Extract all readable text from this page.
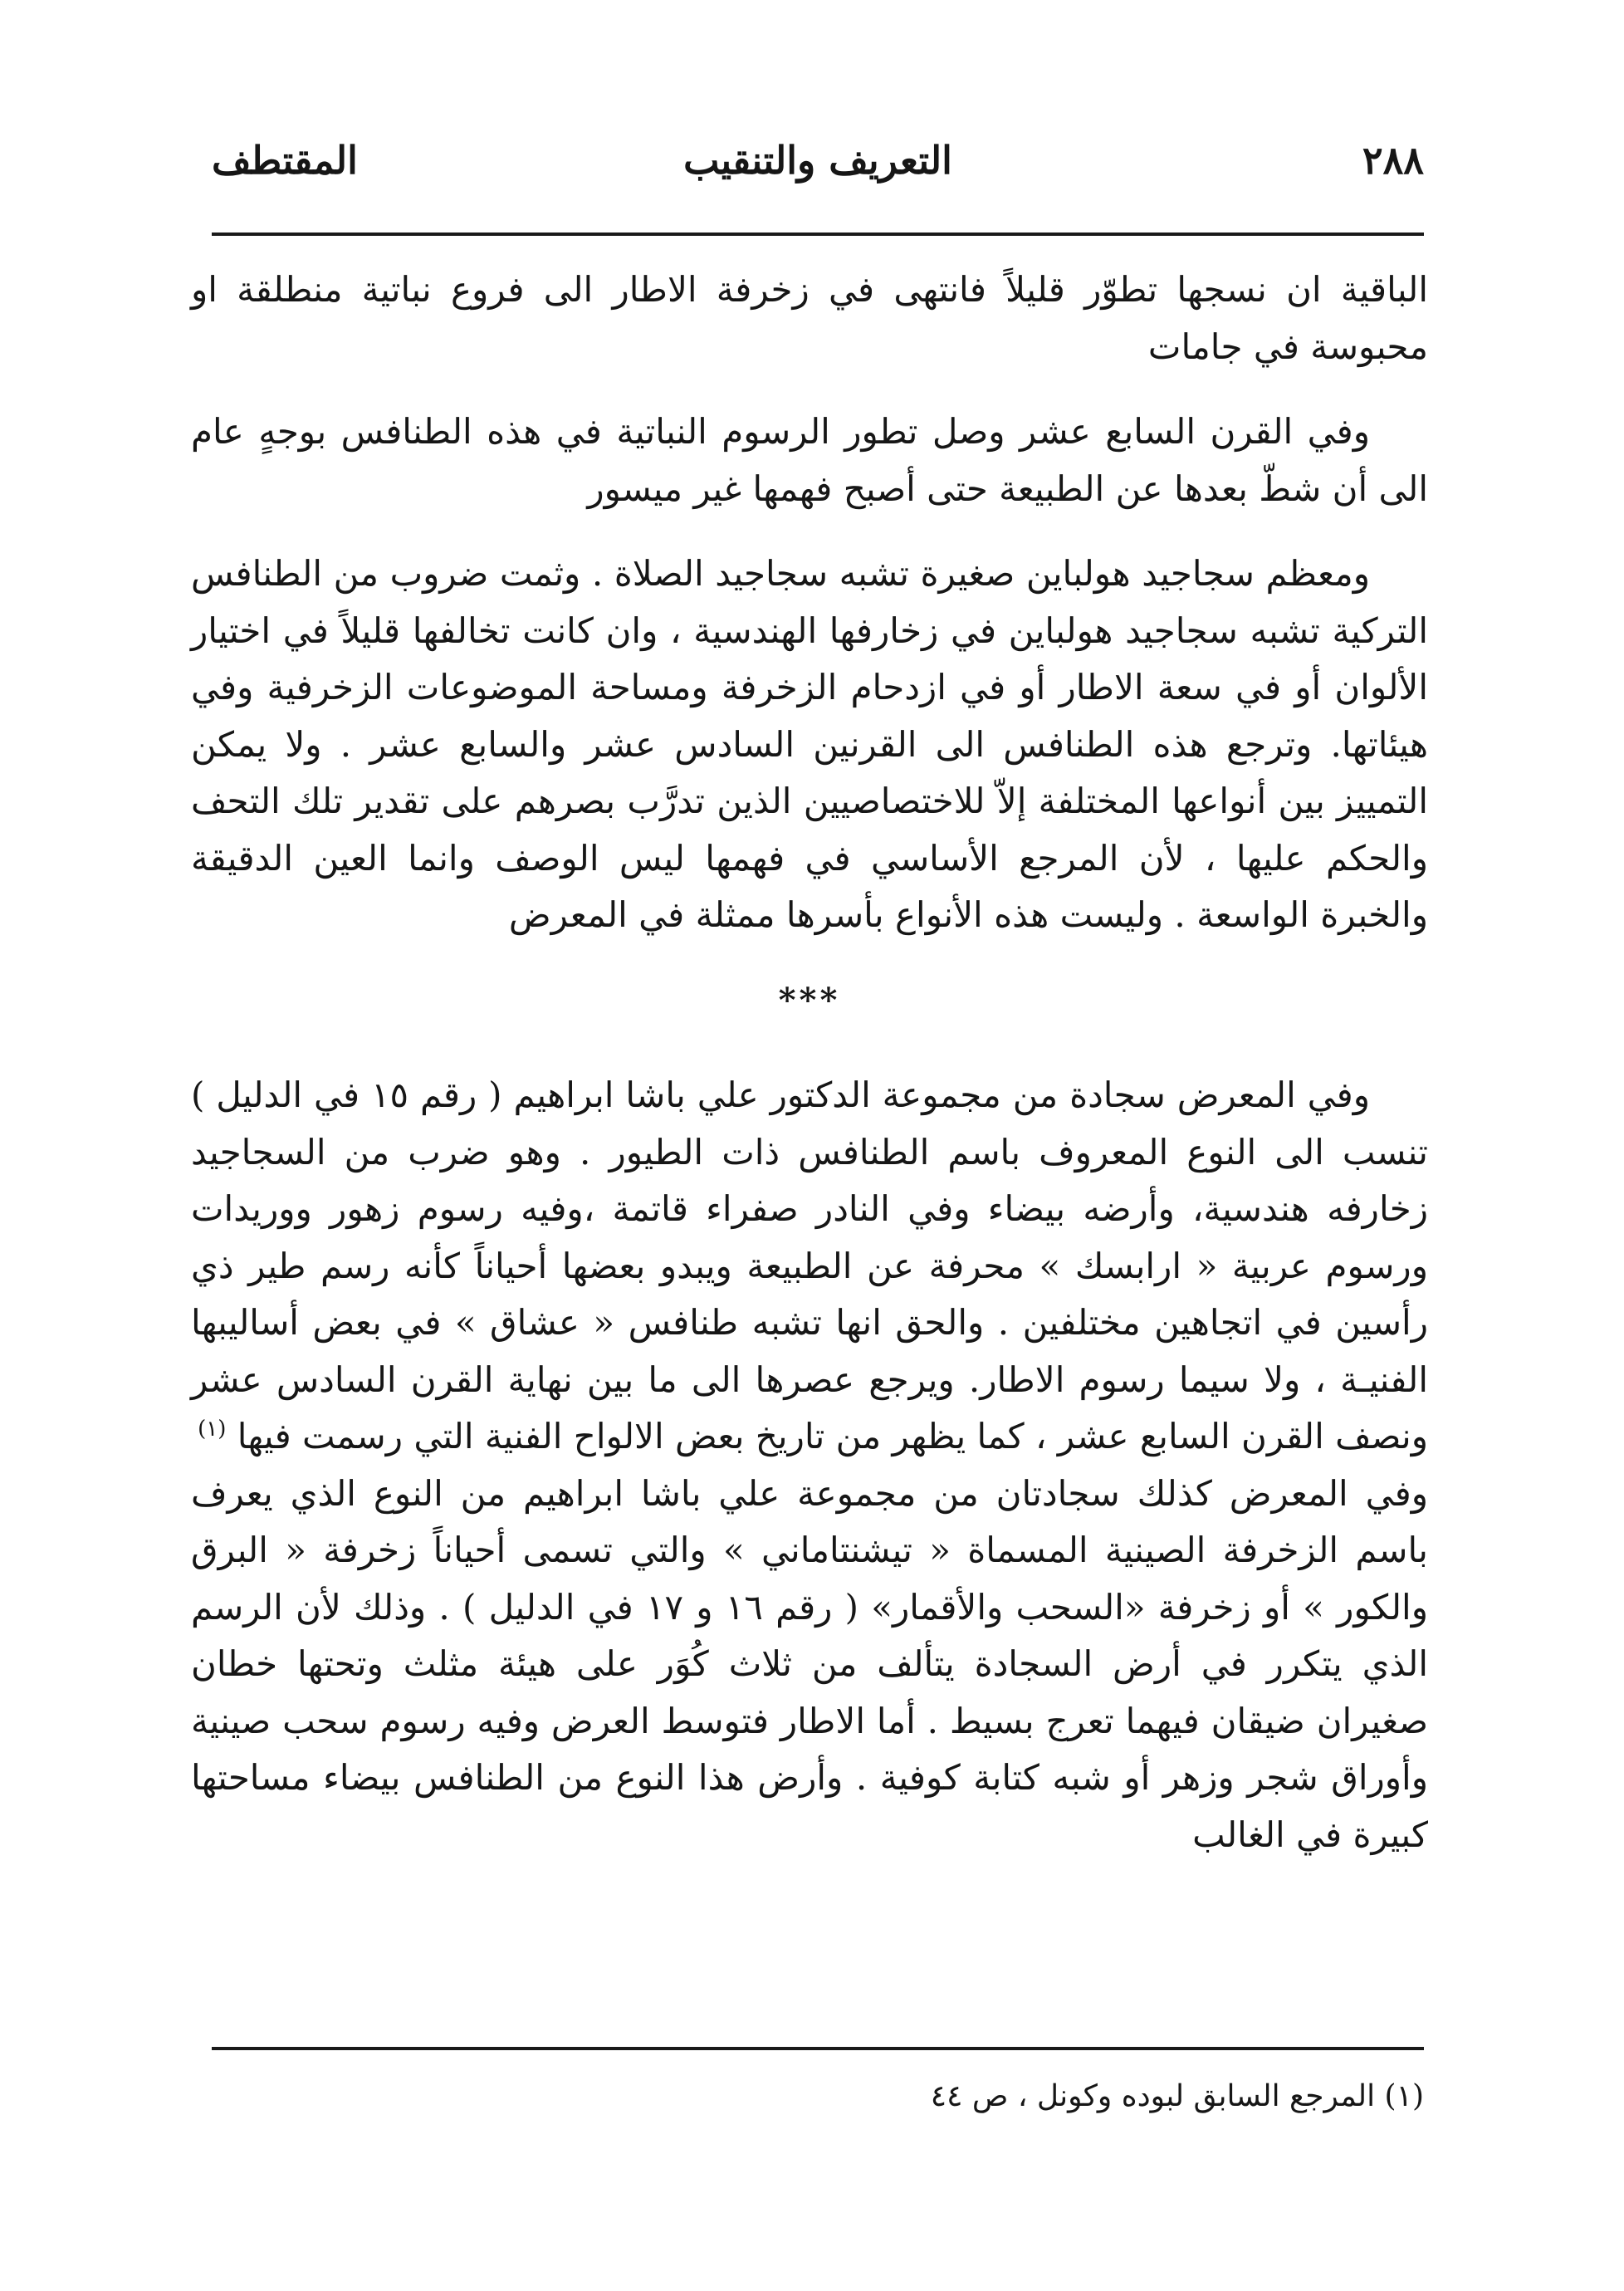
٢٨٨
التعريف والتنقيب
المقتطف

الباقية ان نسجها تطوّر قليلاً فانتهى في زخرفة الاطار الى فروع نباتية منطلقة او محبوسة في جامات

وفي القرن السابع عشر وصل تطور الرسوم النباتية في هذه الطنافس بوجهٍ عام الى أن شطّ بعدها عن الطبيعة حتى أصبح فهمها غير ميسور

ومعظم سجاجيد هولباين صغيرة تشبه سجاجيد الصلاة . وثمت ضروب من الطنافس التركية تشبه سجاجيد هولباين في زخارفها الهندسية ، وان كانت تخالفها قليلاً في اختيار الألوان أو في سعة الاطار أو في ازدحام الزخرفة ومساحة الموضوعات الزخرفية وفي هيئاتها. وترجع هذه الطنافس الى القرنين السادس عشر والسابع عشر . ولا يمكن التمييز بين أنواعها المختلفة إلاّ للاختصاصيين الذين تدرَّب بصرهم على تقدير تلك التحف والحكم عليها ، لأن المرجع الأساسي في فهمها ليس الوصف وانما العين الدقيقة والخبرة الواسعة . وليست هذه الأنواع بأسرها ممثلة في المعرض

***

وفي المعرض سجادة من مجموعة الدكتور علي باشا ابراهيم ( رقم ١٥ في الدليل ) تنسب الى النوع المعروف باسم الطنافس ذات الطيور . وهو ضرب من السجاجيد زخارفه هندسية، وأرضه بيضاء وفي النادر صفراء قاتمة ،وفيه رسوم زهور ووريدات ورسوم عربية « ارابسك » محرفة عن الطبيعة ويبدو بعضها أحياناً كأنه رسم طير ذي رأسين في اتجاهين مختلفين . والحق انها تشبه طنافس « عشاق » في بعض أساليبها الفنيـة ، ولا سيما رسوم الاطار. ويرجع عصرها الى ما بين نهاية القرن السادس عشر ونصف القرن السابع عشر ، كما يظهر من تاريخ بعض الالواح الفنية التي رسمت فيها $^{(١)}$

وفي المعرض كذلك سجادتان من مجموعة علي باشا ابراهيم من النوع الذي يعرف باسم الزخرفة الصينية المسماة « تيشنتاماني » والتي تسمى أحياناً زخرفة « البرق والكور » أو زخرفة «السحب والأقمار» ( رقم ١٦ و ١٧ في الدليل ) . وذلك لأن الرسم الذي يتكرر في أرض السجادة يتألف من ثلاث كُوَر على هيئة مثلث وتحتها خطان صغيران ضيقان فيهما تعرج بسيط . أما الاطار فتوسط العرض وفيه رسوم سحب صينية وأوراق شجر وزهر أو شبه كتابة كوفية . وأرض هذا النوع من الطنافس بيضاء مساحتها كبيرة في الغالب

(١) المرجع السابق لبوده وكونل ، ص ٤٤
